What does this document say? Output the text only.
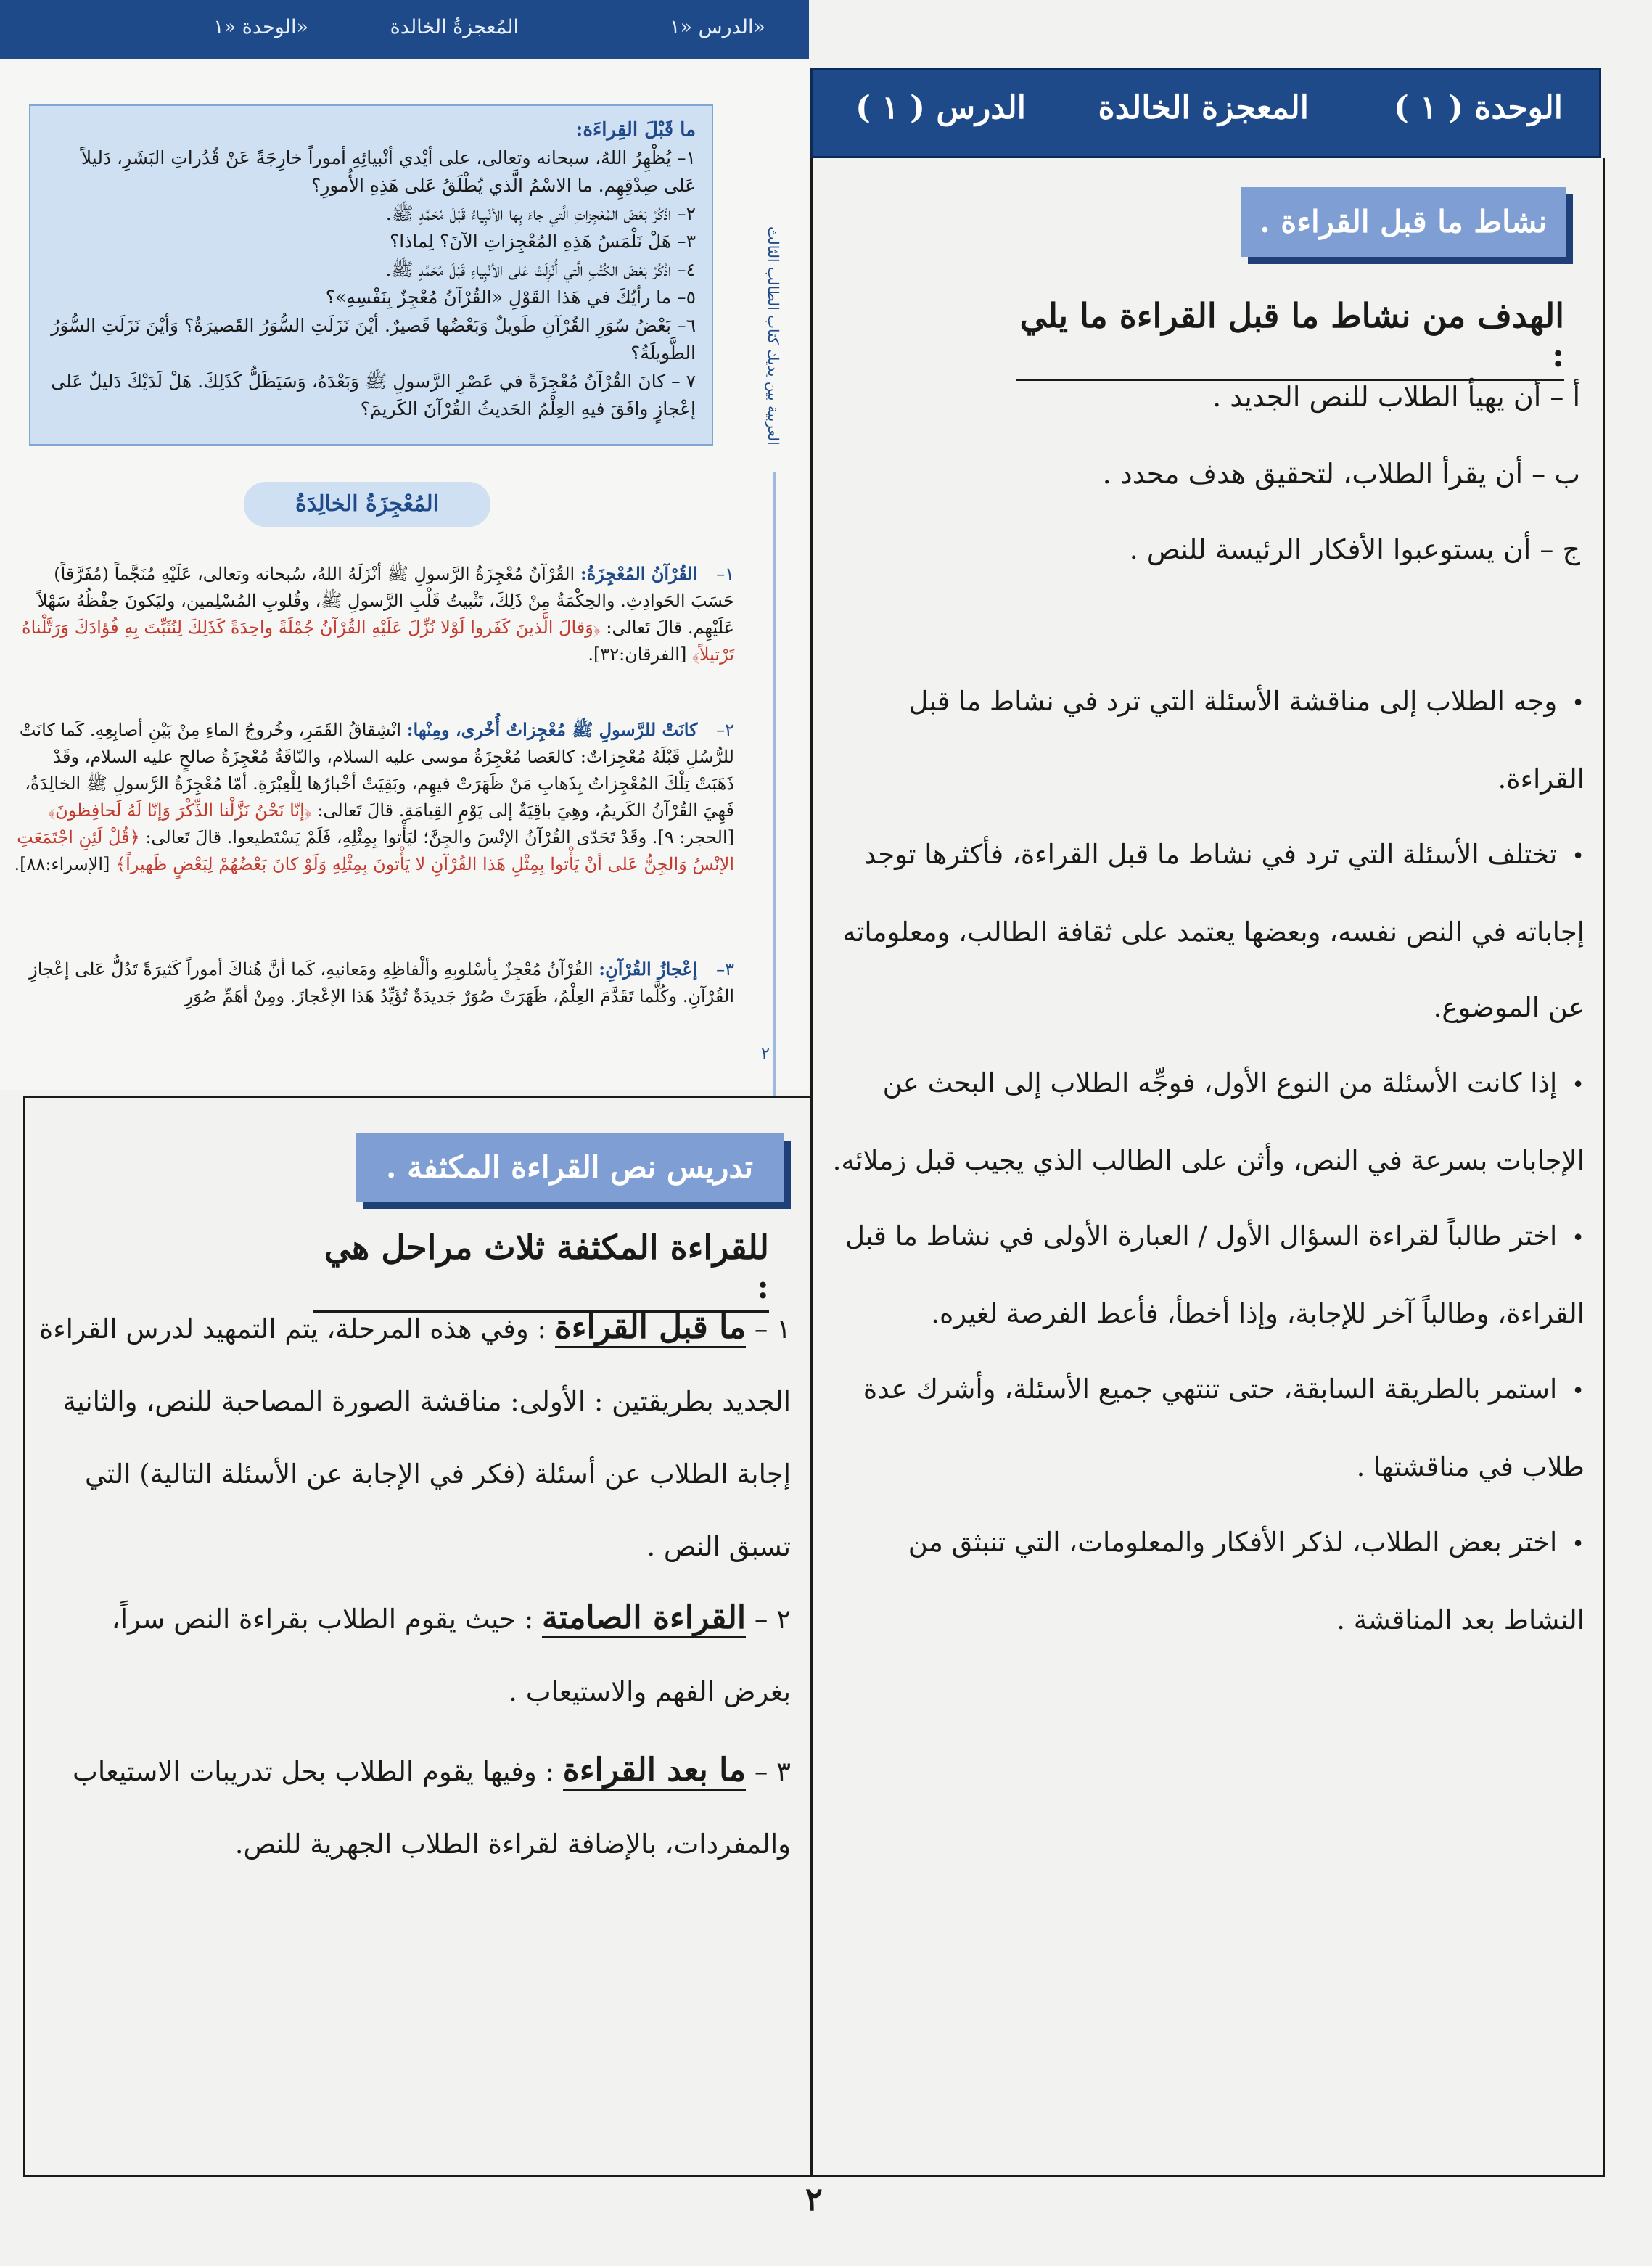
الوحدة «١»	المُعجزةُ الخالدة	الدرس «١»
ما قَبْلَ القِراءَة:

١– يُظْهِرُ اللهُ، سبحانه وتعالى، على أيْدي أنْبيائِهِ أموراً خارِجَةً عَنْ قُدُراتِ البَشَرِ، دَليلاً عَلى صِدْقِهِم. ما الاسْمُ الَّذي يُطْلَقُ عَلى هَذِهِ الأُمورِ؟

٢– اذْكُرْ بَعْضَ المُعْجِزاتِ الَّتي جاءَ بِها الأنْبِياءُ قَبْلَ مُحَمَّدٍ ﷺ.

٣– هَلْ نَلْمَسُ هَذِهِ المُعْجِزاتِ الآنَ؟ لِماذا؟

٤– اذْكُرْ بَعْضَ الكُتُبِ الَّتي أُنْزِلَتْ عَلى الأنْبِياءِ قَبْلَ مُحَمَّدٍ ﷺ.

٥– ما رأيُكَ في هَذا القَوْلِ «القُرْآنُ مُعْجِزٌ بِنَفْسِهِ»؟

٦– بَعْضُ سُوَرِ القُرْآنِ طَويلٌ وَبَعْضُها قَصيرٌ. أيْنَ نَزَلَتِ السُّوَرُ القَصيرَةُ؟ وَأيْنَ نَزَلَتِ السُّوَرُ الطَّويلَةُ؟

٧ – كانَ القُرْآنُ مُعْجِزَةً في عَصْرِ الرَّسولِ ﷺ وَبَعْدَهُ، وَسَيَظَلُّ كَذَلِكَ. هَلْ لَدَيْكَ دَليلٌ عَلى إعْجازٍ وافَقَ فيهِ العِلْمُ الحَديثُ القُرْآنَ الكَريمَ؟	العربية بين يديك كتاب الطالب الثالث
المُعْجِزَةُ الخالِدَةُ
١– القُرْآنُ المُعْجِزَةُ: القُرْآنُ مُعْجِزَةُ الرَّسولِ ﷺ أنْزَلَهُ اللهُ، سُبحانه وتعالى، عَلَيْهِ مُنَجَّماً (مُفَرَّقاً) حَسَبَ الحَوادِثِ. والحِكْمَةُ مِنْ ذَلِكَ، تَثْبيتُ قَلْبِ الرَّسولِ ﷺ، وقُلوبِ المُسْلِمين، وليَكونَ حِفْظُهُ سَهْلاً عَلَيْهِم. قالَ تَعالى: ﴿وَقالَ الَّذينَ كَفَروا لَوْلا نُزِّلَ عَلَيْهِ القُرْآنُ جُمْلَةً واحِدَةً كَذَلِكَ لِنُثَبِّتَ بِهِ فُؤادَكَ وَرَتَّلْناهُ تَرْتيلاً﴾ [الفرقان:٣٢].
٢– كانَتْ للرَّسولِ ﷺ مُعْجِزاتٌ أُخْرى، ومِنْها: انْشِقاقُ القَمَرِ، وخُروجُ الماءِ مِنْ بَيْنِ أصابِعِهِ. كَما كانَتْ للرُّسُلِ قَبْلَهُ مُعْجِزاتٌ: كالعَصا مُعْجِزَةُ موسى عليه السلام، والنّاقَةُ مُعْجِزَةُ صالحٍ عليه السلام، وقَدْ ذَهَبَتْ تِلْكَ المُعْجِزاتُ بِذَهابِ مَنْ ظَهَرَتْ فيهِم، وبَقِيَتْ أخْبارُها لِلْعِبْرَةِ. أمّا مُعْجِزَةُ الرَّسولِ ﷺ الخالِدَةُ، فَهِيَ القُرْآنُ الكَريمُ، وهِيَ باقِيَةٌ إلى يَوْمِ القِيامَةِ. قالَ تَعالى: ﴿إنّا نَحْنُ نَزَّلْنا الذِّكْرَ وَإنّا لَهُ لَحافِظونَ﴾ [الحجر: ٩]. وقَدْ تَحَدّى القُرْآنُ الإنْسَ والجِنَّ؛ ليَأْتوا بِمِثْلِهِ، فَلَمْ يَسْتَطيعوا. قالَ تَعالى: ﴿قُلْ لَئِنِ اجْتَمَعَتِ الإنْسُ وَالجِنُّ عَلى أنْ يَأْتوا بِمِثْلِ هَذا القُرْآنِ لا يَأْتونَ بِمِثْلِهِ وَلَوْ كانَ بَعْضُهُمْ لِبَعْضٍ ظَهيراً﴾ [الإسراء:٨٨].
٣– إعْجازُ القُرْآنِ: القُرْآنُ مُعْجِزٌ بِأسْلوبِهِ وألْفاظِهِ ومَعانيهِ، كَما أنَّ هُناكَ أموراً كَثيرَةً تَدُلُّ عَلى إعْجازِ القُرْآنِ. وكُلَّما تَقَدَّمَ العِلْمُ، ظَهَرَتْ صُوَرٌ جَديدَةٌ تُؤَيِّدُ هَذا الإعْجازَ. ومِنْ أهَمِّ صُوَرِ
٢
الوحدة ( ١ )
المعجزة الخالدة
الدرس ( ١ )
نشاط ما قبل القراءة .
الهدف من نشاط ما قبل القراءة ما يلي :
أ – أن يهيأ الطلاب للنص الجديد .
ب – أن يقرأ الطلاب، لتحقيق هدف محدد .
ج – أن يستوعبوا الأفكار الرئيسة للنص .
•وجه الطلاب إلى مناقشة الأسئلة التي ترد في نشاط ما قبل القراءة.
•تختلف الأسئلة التي ترد في نشاط ما قبل القراءة، فأكثرها توجد إجاباته في النص نفسه، وبعضها يعتمد على ثقافة الطالب، ومعلوماته عن الموضوع.
•إذا كانت الأسئلة من النوع الأول، فوجِّه الطلاب إلى البحث عن الإجابات بسرعة في النص، وأثن على الطالب الذي يجيب قبل زملائه.
•اختر طالباً لقراءة السؤال الأول / العبارة الأولى في نشاط ما قبل القراءة، وطالباً آخر للإجابة، وإذا أخطأ، فأعط الفرصة لغيره.
•استمر بالطريقة السابقة، حتى تنتهي جميع الأسئلة، وأشرك عدة طلاب في مناقشتها .
•اختر بعض الطلاب، لذكر الأفكار والمعلومات، التي تنبثق من النشاط بعد المناقشة .
تدريس نص القراءة المكثفة .
للقراءة المكثفة ثلاث مراحل هي :
١ – ما قبل القراءة : وفي هذه المرحلة، يتم التمهيد لدرس القراءة الجديد بطريقتين : الأولى: مناقشة الصورة المصاحبة للنص، والثانية إجابة الطلاب عن أسئلة (فكر في الإجابة عن الأسئلة التالية) التي تسبق النص .
٢ – القراءة الصامتة : حيث يقوم الطلاب بقراءة النص سراً، بغرض الفهم والاستيعاب .
٣ – ما بعد القراءة : وفيها يقوم الطلاب بحل تدريبات الاستيعاب والمفردات، بالإضافة لقراءة الطلاب الجهرية للنص.
٢
